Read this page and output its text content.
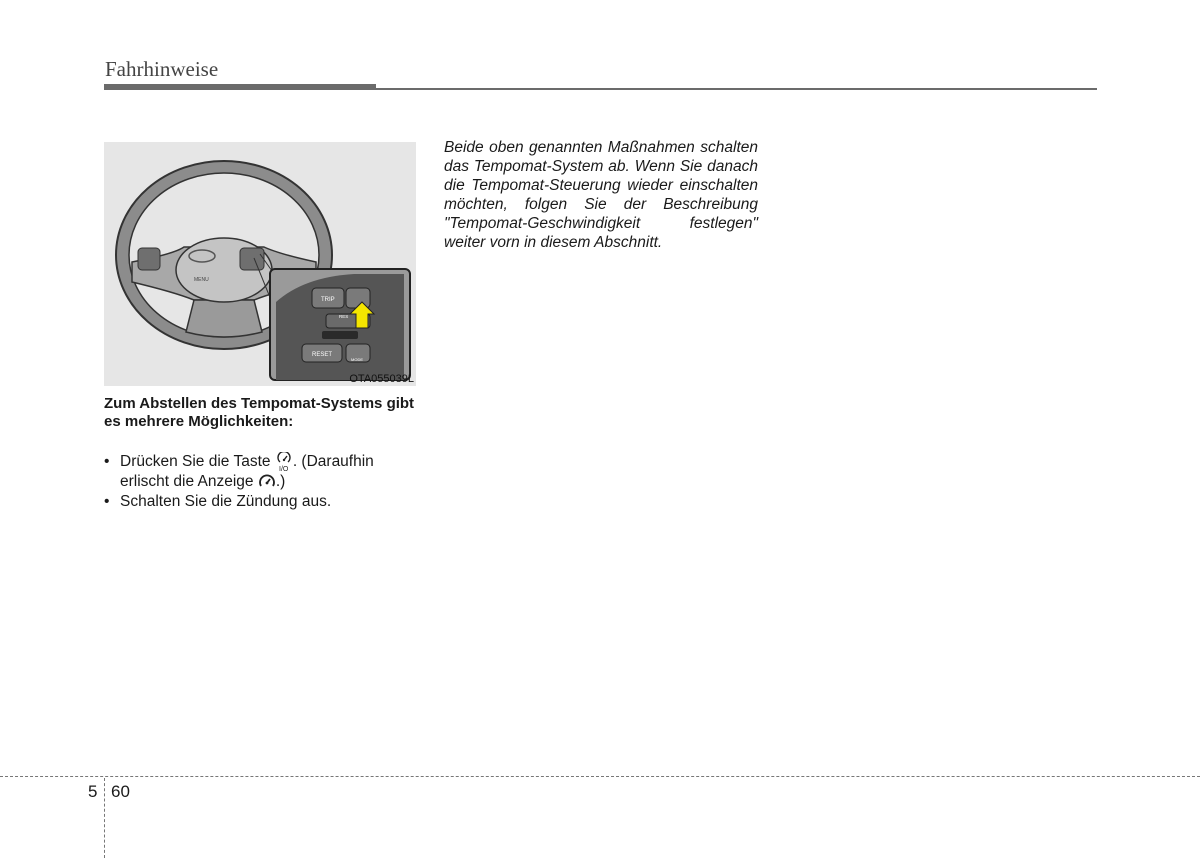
Fahrhinweise
MENU
TRIP
RES
RESET
MODE
OTA055039L
Zum Abstellen des Tempomat-Systems gibt es mehrere Möglichkeiten:
• Drücken Sie die Taste I/O . (Daraufhin erlischt die Anzeige .)
• Schalten Sie die Zündung aus.
Beide oben genannten Maßnahmen schalten das Tempomat-System ab. Wenn Sie danach die Tempomat-Steuerung wieder einschalten möchten, folgen Sie der Beschreibung "Tempomat-Geschwindigkeit festlegen" weiter vorn in diesem Abschnitt.
5 60
